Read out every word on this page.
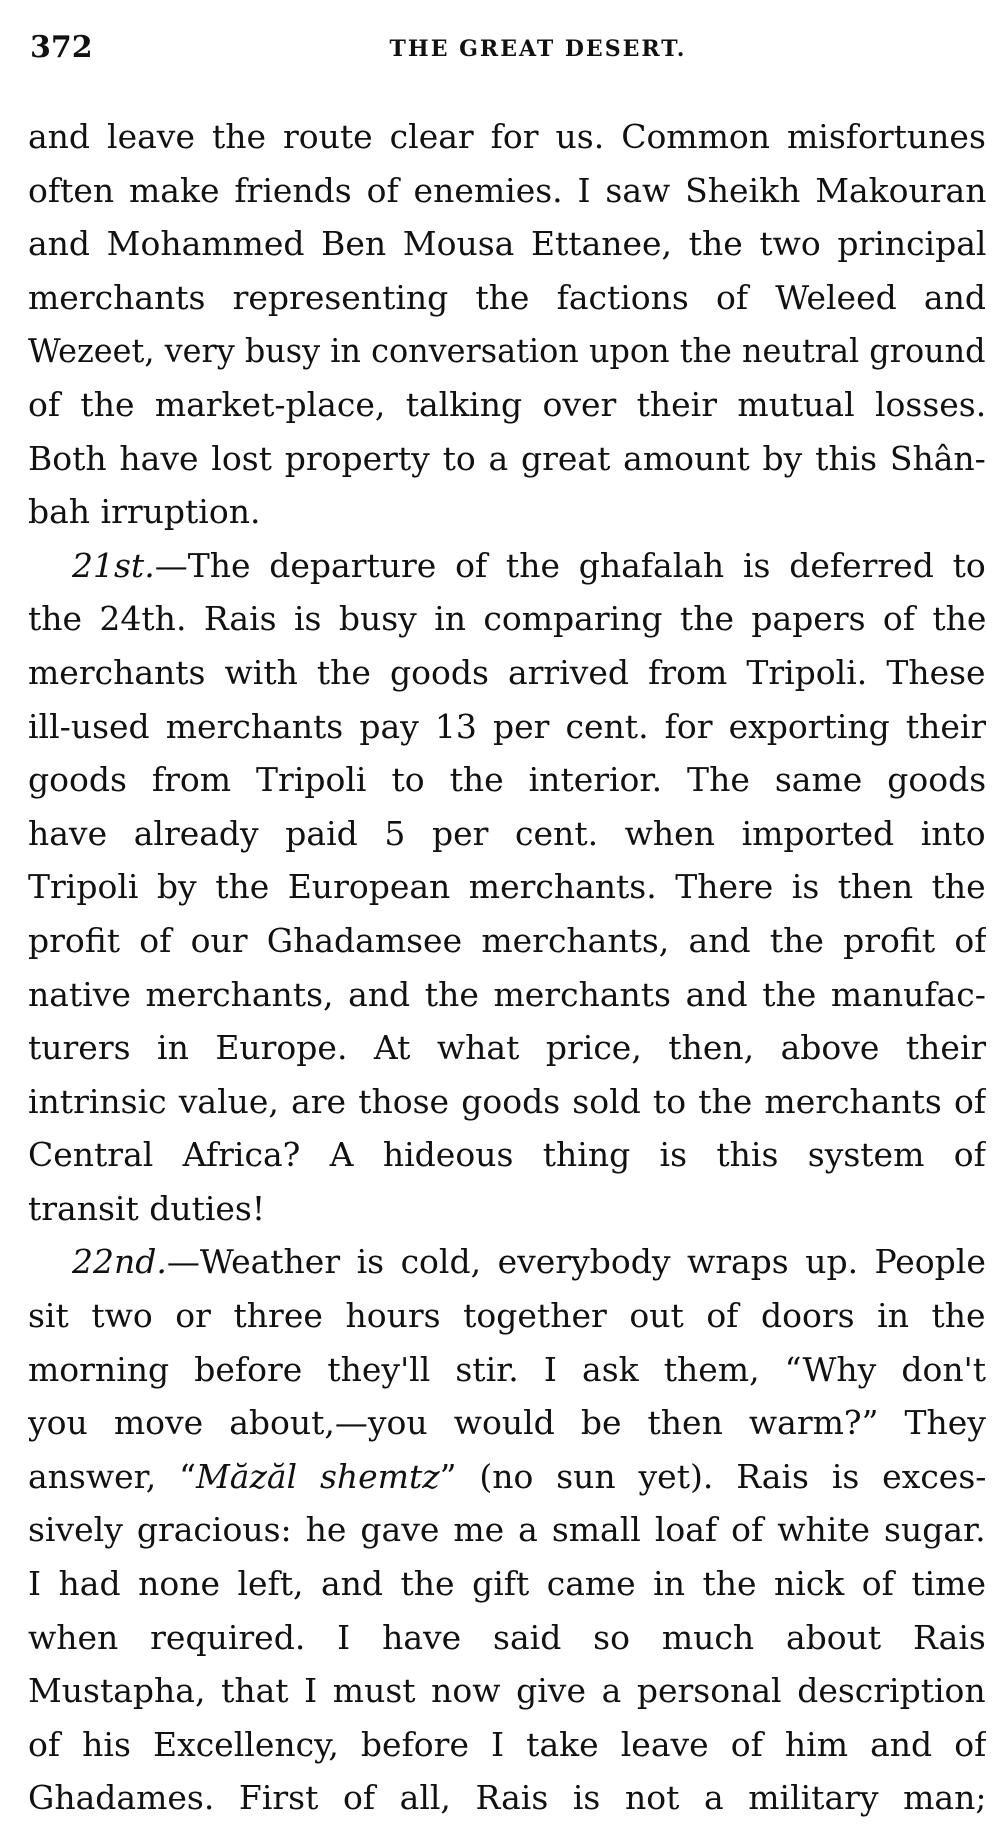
372	THE GREAT DESERT.
and leave the route clear for us. Common misfortunes
often make friends of enemies. I saw Sheikh Makouran
and Mohammed Ben Mousa Ettanee, the two principal
merchants representing the factions of Weleed and
Wezeet, very busy in conversation upon the neutral ground
of the market-place, talking over their mutual losses.
Both have lost property to a great amount by this Shân-
bah irruption.
21st.—The departure of the ghafalah is deferred to
the 24th. Rais is busy in comparing the papers of the
merchants with the goods arrived from Tripoli. These
ill-used merchants pay 13 per cent. for exporting their
goods from Tripoli to the interior. The same goods
have already paid 5 per cent. when imported into
Tripoli by the European merchants. There is then the
profit of our Ghadamsee merchants, and the profit of
native merchants, and the merchants and the manufac-
turers in Europe. At what price, then, above their
intrinsic value, are those goods sold to the merchants of
Central Africa? A hideous thing is this system of
transit duties!
22nd.—Weather is cold, everybody wraps up. People
sit two or three hours together out of doors in the
morning before they'll stir. I ask them, “Why don't
you move about,—you would be then warm?” They
answer, “Măzăl shemtz” (no sun yet). Rais is exces-
sively gracious: he gave me a small loaf of white sugar.
I had none left, and the gift came in the nick of time
when required. I have said so much about Rais
Mustapha, that I must now give a personal description
of his Excellency, before I take leave of him and of
Ghadames. First of all, Rais is not a military man;
